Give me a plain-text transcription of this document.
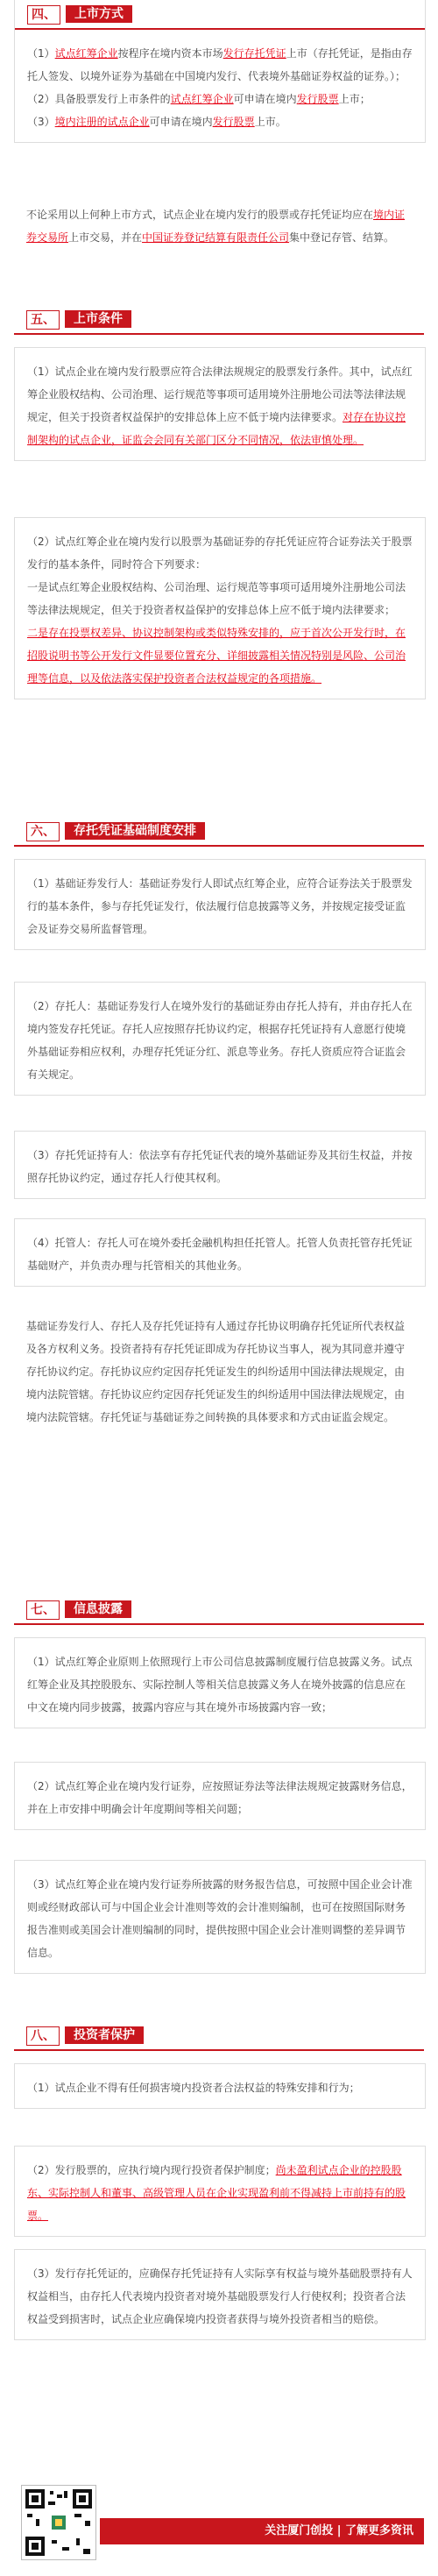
四、	上市方式

（1）试点红筹企业按程序在境内资本市场发行存托凭证上市（存托凭证，是指由存托人签发、以境外证券为基础在中国境内发行、代表境外基础证券权益的证券。）；

（2）具备股票发行上市条件的试点红筹企业可申请在境内发行股票上市；

（3）境内注册的试点企业可申请在境内发行股票上市。

不论采用以上何种上市方式，试点企业在境内发行的股票或存托凭证均应在境内证券交易所上市交易，并在中国证券登记结算有限责任公司集中登记存管、结算。

五、	上市条件

（1）试点企业在境内发行股票应符合法律法规规定的股票发行条件。其中，试点红筹企业股权结构、公司治理、运行规范等事项可适用境外注册地公司法等法律法规规定，但关于投资者权益保护的安排总体上应不低于境内法律要求。对存在协议控制架构的试点企业，证监会会同有关部门区分不同情况，依法审慎处理。

（2）试点红筹企业在境内发行以股票为基础证券的存托凭证应符合证券法关于股票发行的基本条件，同时符合下列要求：

一是试点红筹企业股权结构、公司治理、运行规范等事项可适用境外注册地公司法等法律法规规定，但关于投资者权益保护的安排总体上应不低于境内法律要求；

二是存在投票权差异、协议控制架构或类似特殊安排的，应于首次公开发行时，在招股说明书等公开发行文件显要位置充分、详细披露相关情况特别是风险、公司治理等信息，以及依法落实保护投资者合法权益规定的各项措施。

六、	存托凭证基础制度安排

（1）基础证券发行人：基础证券发行人即试点红筹企业，应符合证券法关于股票发行的基本条件，参与存托凭证发行，依法履行信息披露等义务，并按规定接受证监会及证券交易所监督管理。

（2）存托人：基础证券发行人在境外发行的基础证券由存托人持有，并由存托人在境内签发存托凭证。存托人应按照存托协议约定，根据存托凭证持有人意愿行使境外基础证券相应权利，办理存托凭证分红、派息等业务。存托人资质应符合证监会有关规定。

（3）存托凭证持有人：依法享有存托凭证代表的境外基础证券及其衍生权益，并按照存托协议约定，通过存托人行使其权利。

（4）托管人：存托人可在境外委托金融机构担任托管人。托管人负责托管存托凭证基础财产，并负责办理与托管相关的其他业务。

基础证券发行人、存托人及存托凭证持有人通过存托协议明确存托凭证所代表权益及各方权利义务。投资者持有存托凭证即成为存托协议当事人，视为其同意并遵守存托协议约定。存托协议应约定因存托凭证发生的纠纷适用中国法律法规规定，由境内法院管辖。存托协议应约定因存托凭证发生的纠纷适用中国法律法规规定，由境内法院管辖。存托凭证与基础证券之间转换的具体要求和方式由证监会规定。

七、	信息披露

（1）试点红筹企业原则上依照现行上市公司信息披露制度履行信息披露义务。试点红筹企业及其控股股东、实际控制人等相关信息披露义务人在境外披露的信息应在中文在境内同步披露，披露内容应与其在境外市场披露内容一致；

（2）试点红筹企业在境内发行证券，应按照证券法等法律法规规定披露财务信息，并在上市安排中明确会计年度期间等相关问题；

（3）试点红筹企业在境内发行证券所披露的财务报告信息，可按照中国企业会计准则或经财政部认可与中国企业会计准则等效的会计准则编制，也可在按照国际财务报告准则或美国会计准则编制的同时，提供按照中国企业会计准则调整的差异调节信息。

八、	投资者保护

（1）试点企业不得有任何损害境内投资者合法权益的特殊安排和行为；

（2）发行股票的，应执行境内现行投资者保护制度；尚未盈利试点企业的控股股东、实际控制人和董事、高级管理人员在企业实现盈利前不得减持上市前持有的股票。

（3）发行存托凭证的，应确保存托凭证持有人实际享有权益与境外基础股票持有人权益相当，由存托人代表境内投资者对境外基础股票发行人行使权利；投资者合法权益受到损害时，试点企业应确保境内投资者获得与境外投资者相当的赔偿。

关注厦门创投 | 了解更多资讯
